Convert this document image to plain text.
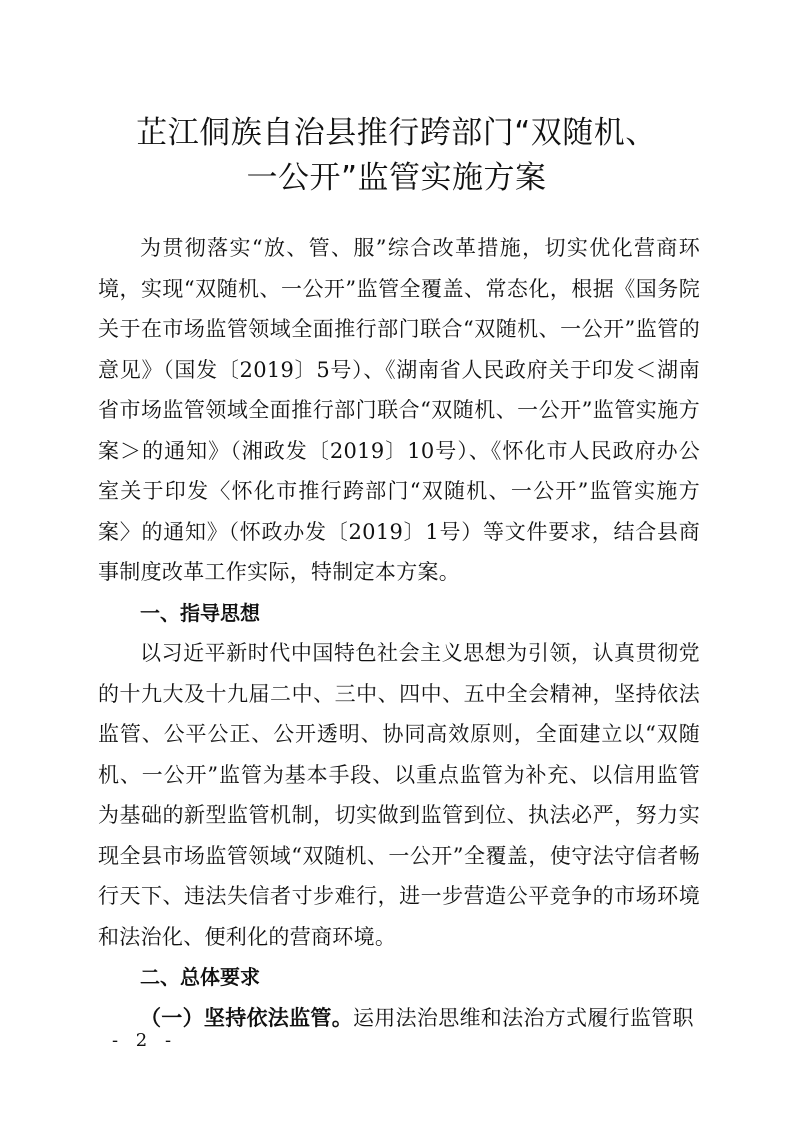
芷江侗族自治县推行跨部门“双随机、
一公开”监管实施方案

为贯彻落实“放、管、服”综合改革措施，切实优化营商环境，实现“双随机、一公开”监管全覆盖、常态化，根据《国务院关于在市场监管领域全面推行部门联合“双随机、一公开”监管的意见》（国发〔2019〕5号）、《湖南省人民政府关于印发＜湖南省市场监管领域全面推行部门联合“双随机、一公开”监管实施方案＞的通知》（湘政发〔2019〕10号）、《怀化市人民政府办公室关于印发〈怀化市推行跨部门“双随机、一公开”监管实施方案〉的通知》（怀政办发〔2019〕1号）等文件要求，结合县商事制度改革工作实际，特制定本方案。

一、指导思想

以习近平新时代中国特色社会主义思想为引领，认真贯彻党的十九大及十九届二中、三中、四中、五中全会精神，坚持依法监管、公平公正、公开透明、协同高效原则，全面建立以“双随机、一公开”监管为基本手段、以重点监管为补充、以信用监管为基础的新型监管机制，切实做到监管到位、执法必严，努力实现全县市场监管领域“双随机、一公开”全覆盖，使守法守信者畅行天下、违法失信者寸步难行，进一步营造公平竞争的市场环境和法治化、便利化的营商环境。

二、总体要求

（一）坚持依法监管。运用法治思维和法治方式履行监管职

- 2 -
